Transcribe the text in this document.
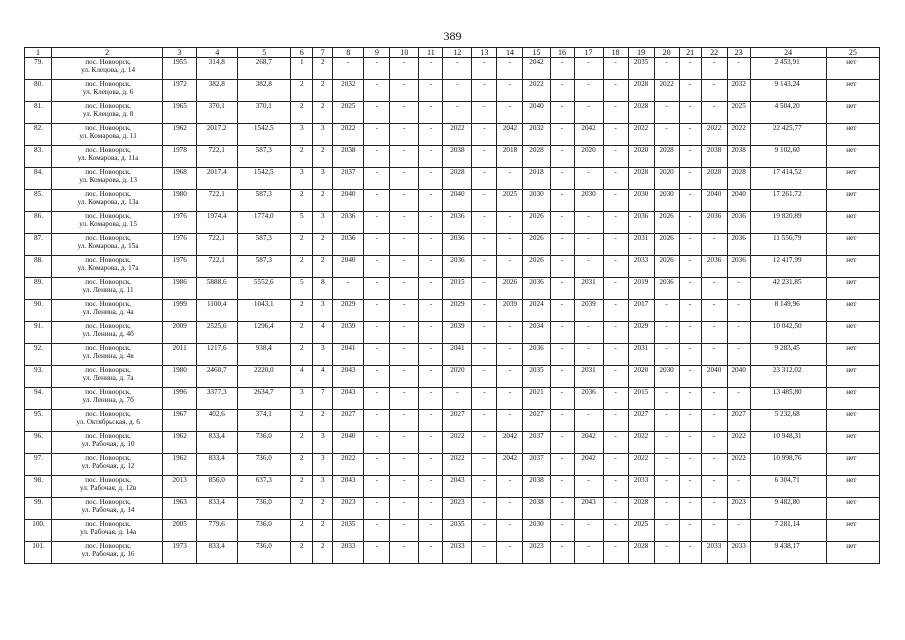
389
1	2	3	4	5	6	7	8	9	10	11	12	13	14	15	16	17	18	19	20	21	22	23	24	25
79.	пос. Новоорск,
ул. Клецова, д. 14	1955	314,8	268,7	1	2	-	-	-	-	-	-	-	2042	-	-	-	2035	-	-	-	-	2 453,91	нет
80.	пос. Новоорск,
ул. Клецова, д. 6	1972	382,8	382,8	2	2	2032	-	-	-	-	-	-	2022	-	-	-	2028	2022	-	-	2032	9 143,24	нет
81.	пос. Новоорск,
ул. Клецова, д. 8	1965	370,1	370,1	2	2	2025	-	-	-	-	-	-	2040	-	-	-	2028	-	-	-	2025	4 504,20	нет
82.	пос. Новоорск,
ул. Комарова, д. 11	1962	2017,2	1542,5	3	3	2022	-	-	-	2022	-	2042	2032	-	2042	-	2022	-	-	2022	2022	22 425,77	нет
83.	пос. Новоорск,
ул. Комарова, д. 11а	1978	722,1	587,3	2	2	2038	-	-	-	2038	-	2018	2028	-	2020	-	2020	2028	-	2038	2038	9 102,60	нет
84.	пос. Новоорск,
ул. Комарова, д. 13	1968	2017,4	1542,5	3	3	2037	-	-	-	2028	-	-	2018	-	-	-	2028	2020	-	2028	2028	17 414,52	нет
85.	пос. Новоорск,
ул. Комарова, д. 13а	1980	722,1	587,3	2	2	2040	-	-	-	2040	-	2025	2030	-	2030	-	2030	2030	-	2040	2040	17 261,72	нет
86.	пос. Новоорск,
ул. Комарова, д. 15	1976	1974,4	1774,0	5	3	2036	-	-	-	2036	-	-	2026	-	-	-	2036	2026	-	2036	2036	19 820,89	нет
87.	пос. Новоорск,
ул. Комарова, д. 15а	1976	722,1	587,3	2	2	2036	-	-	-	2036	-	-	2026	-	-	-	2031	2026	-	-	2036	11 556,79	нет
88.	пос. Новоорск,
ул. Комарова, д. 17а	1976	722,1	587,3	2	2	2040	-	-	-	2036	-	-	2026	-	-	-	2033	2026	-	2036	2036	12 417,99	нет
89.	пос. Новоорск,
ул. Ленина, д. 11	1986	5888,6	5552,6	5	8	-	-	-	-	2015	-	2026	2036	-	2031	-	2019	2036	-	-	-	42 231,85	нет
90.	пос. Новоорск,
ул. Ленина, д. 4а	1999	1100,4	1043,1	2	3	2029	-	-	-	2029	-	2039	2024	-	2039	-	2017	-	-	-	-	8 149,96	нет
91.	пос. Новоорск,
ул. Ленина, д. 4б	2009	2525,6	1296,4	2	4	2039	-	-	-	2039	-	-	2034	-	-	-	2029	-	-	-	-	10 042,50	нет
92.	пос. Новоорск,
ул. Ленина, д. 4в	2011	1217,6	938,4	2	3	2041	-	-	-	2041	-	-	2036	-	-	-	2031	-	-	-	-	9 283,45	нет
93.	пос. Новоорск,
ул. Ленина, д. 7а	1980	2460,7	2220,0	4	4	2043	-	-	-	2020	-	-	2035	-	2031	-	2020	2030	-	2040	2040	23 312,02	нет
94.	пос. Новоорск,
ул. Ленина, д. 7б	1996	3377,3	2634,7	3	7	2043	-	-	-	-	-	-	2021	-	2036	-	2015	-	-	-	-	13 485,80	нет
95.	пос. Новоорск,
ул. Октябрьская, д. 6	1967	402,6	374,1	2	2	2027	-	-	-	2027	-	-	2027	-	-	-	2027	-	-	-	2027	5 232,68	нет
96.	пос. Новоорск,
ул. Рабочая, д. 10	1962	833,4	736,0	2	3	2040	-	-	-	2022	-	2042	2037	-	2042	-	2022	-	-	-	2022	10 948,31	нет
97.	пос. Новоорск,
ул. Рабочая, д. 12	1962	833,4	736,0	2	3	2022	-	-	-	2022	-	2042	2037	-	2042	-	2022	-	-	-	2022	10 998,76	нет
98.	пос. Новоорск,
ул. Рабочая, д. 12в	2013	856,0	637,3	2	3	2043	-	-	-	2043	-	-	2038	-	-	-	2033	-	-	-	-	6 304,71	нет
99.	пос. Новоорск,
ул. Рабочая, д. 14	1963	833,4	736,0	2	2	2023	-	-	-	2023	-	-	2038	-	2043	-	2028	-	-	-	2023	9 482,80	нет
100.	пос. Новоорск,
ул. Рабочая, д. 14а	2005	779,6	736,0	2	2	2035	-	-	-	2035	-	-	2030	-	-	-	2025	-	-	-	-	7 281,14	нет
101.	пос. Новоорск,
ул. Рабочая, д. 16	1973	833,4	736,0	2	2	2033	-	-	-	2033	-	-	2023	-	-	-	2028	-	-	2033	2033	9 438,17	нет
